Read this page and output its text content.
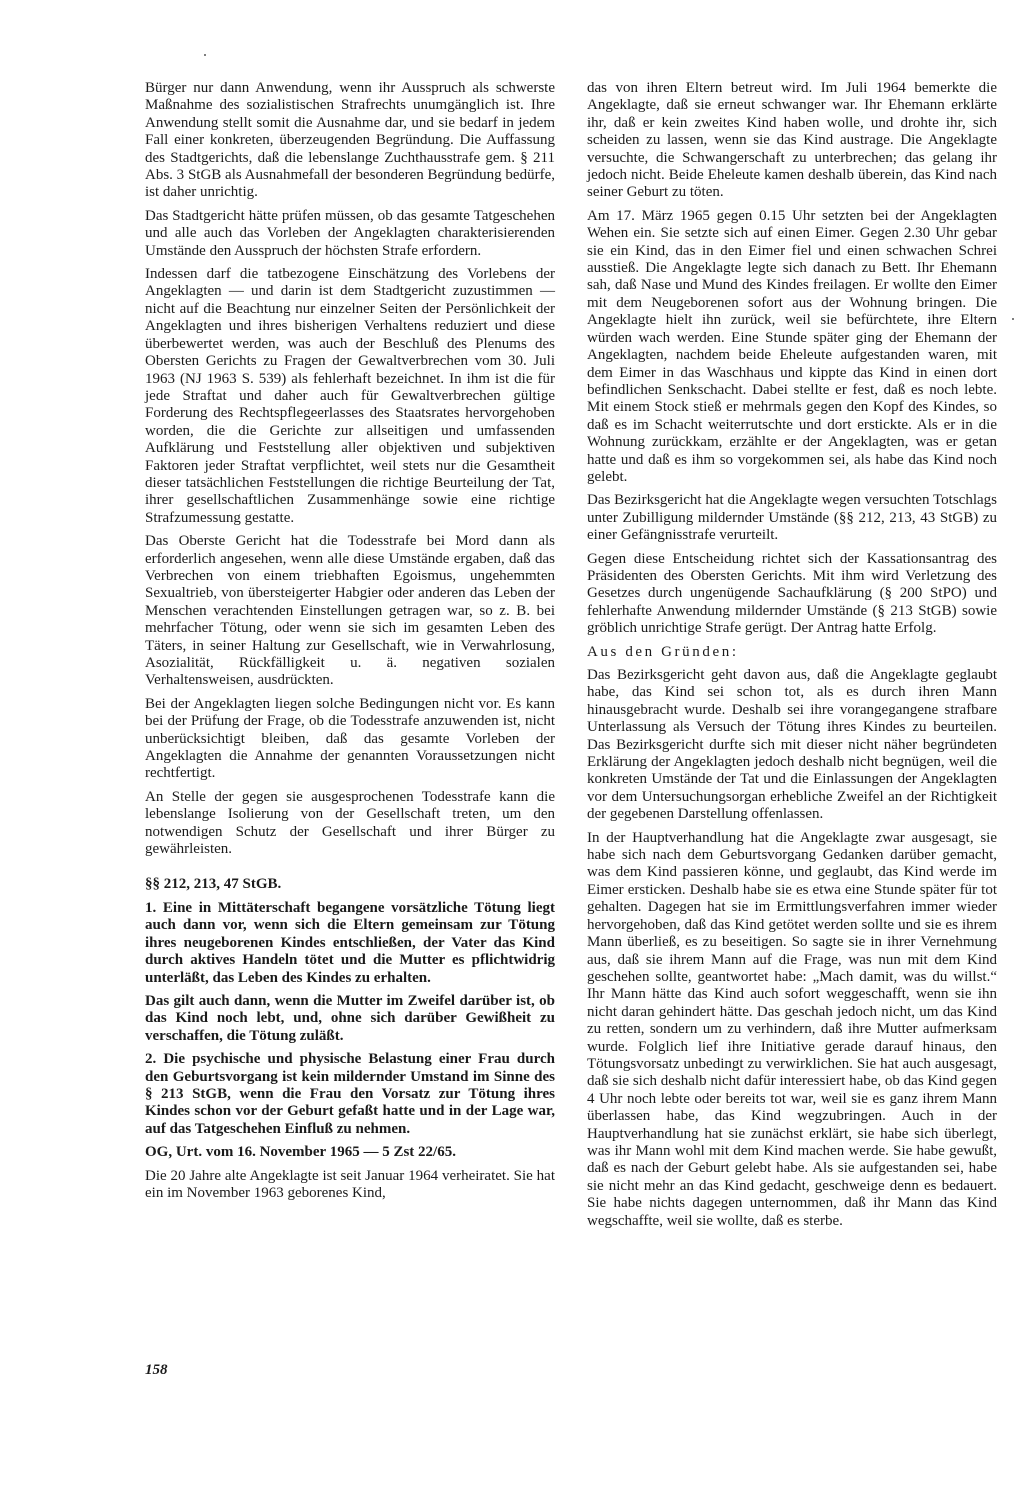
Bürger nur dann Anwendung, wenn ihr Ausspruch als schwerste Maßnahme des sozialistischen Strafrechts unumgänglich ist. Ihre Anwendung stellt somit die Ausnahme dar, und sie bedarf in jedem Fall einer konkreten, überzeugenden Begründung. Die Auffassung des Stadtgerichts, daß die lebenslange Zuchthausstrafe gem. § 211 Abs. 3 StGB als Ausnahmefall der besonderen Begründung bedürfe, ist daher unrichtig.

Das Stadtgericht hätte prüfen müssen, ob das gesamte Tatgeschehen und alle auch das Vorleben der Angeklagten charakterisierenden Umstände den Ausspruch der höchsten Strafe erfordern.

Indessen darf die tatbezogene Einschätzung des Vorlebens der Angeklagten — und darin ist dem Stadtgericht zuzustimmen — nicht auf die Beachtung nur einzelner Seiten der Persönlichkeit der Angeklagten und ihres bisherigen Verhaltens reduziert und diese überbewertet werden, was auch der Beschluß des Plenums des Obersten Gerichts zu Fragen der Gewaltverbrechen vom 30. Juli 1963 (NJ 1963 S. 539) als fehlerhaft bezeichnet. In ihm ist die für jede Straftat und daher auch für Gewaltverbrechen gültige Forderung des Rechtspflegeerlasses des Staatsrates hervorgehoben worden, die die Gerichte zur allseitigen und umfassenden Aufklärung und Feststellung aller objektiven und subjektiven Faktoren jeder Straftat verpflichtet, weil stets nur die Gesamtheit dieser tatsächlichen Feststellungen die richtige Beurteilung der Tat, ihrer gesellschaftlichen Zusammenhänge sowie eine richtige Strafzumessung gestatte.

Das Oberste Gericht hat die Todesstrafe bei Mord dann als erforderlich angesehen, wenn alle diese Umstände ergaben, daß das Verbrechen von einem triebhaften Egoismus, ungehemmten Sexualtrieb, von übersteigerter Habgier oder anderen das Leben der Menschen verachtenden Einstellungen getragen war, so z. B. bei mehrfacher Tötung, oder wenn sie sich im gesamten Leben des Täters, in seiner Haltung zur Gesellschaft, wie in Verwahrlosung, Asozialität, Rückfälligkeit u. ä. negativen sozialen Verhaltensweisen, ausdrückten.

Bei der Angeklagten liegen solche Bedingungen nicht vor. Es kann bei der Prüfung der Frage, ob die Todesstrafe anzuwenden ist, nicht unberücksichtigt bleiben, daß das gesamte Vorleben der Angeklagten die Annahme der genannten Voraussetzungen nicht rechtfertigt.

An Stelle der gegen sie ausgesprochenen Todesstrafe kann die lebenslange Isolierung von der Gesellschaft treten, um den notwendigen Schutz der Gesellschaft und ihrer Bürger zu gewährleisten.

§§ 212, 213, 47 StGB.

1. Eine in Mittäterschaft begangene vorsätzliche Tötung liegt auch dann vor, wenn sich die Eltern gemeinsam zur Tötung ihres neugeborenen Kindes entschließen, der Vater das Kind durch aktives Handeln tötet und die Mutter es pflichtwidrig unterläßt, das Leben des Kindes zu erhalten.

Das gilt auch dann, wenn die Mutter im Zweifel darüber ist, ob das Kind noch lebt, und, ohne sich darüber Gewißheit zu verschaffen, die Tötung zuläßt.

2. Die psychische und physische Belastung einer Frau durch den Geburtsvorgang ist kein mildernder Umstand im Sinne des § 213 StGB, wenn die Frau den Vorsatz zur Tötung ihres Kindes schon vor der Geburt gefaßt hatte und in der Lage war, auf das Tatgeschehen Einfluß zu nehmen.

OG, Urt. vom 16. November 1965 — 5 Zst 22/65.

Die 20 Jahre alte Angeklagte ist seit Januar 1964 verheiratet. Sie hat ein im November 1963 geborenes Kind,

das von ihren Eltern betreut wird. Im Juli 1964 bemerkte die Angeklagte, daß sie erneut schwanger war. Ihr Ehemann erklärte ihr, daß er kein zweites Kind haben wolle, und drohte ihr, sich scheiden zu lassen, wenn sie das Kind austrage. Die Angeklagte versuchte, die Schwangerschaft zu unterbrechen; das gelang ihr jedoch nicht. Beide Eheleute kamen deshalb überein, das Kind nach seiner Geburt zu töten.

Am 17. März 1965 gegen 0.15 Uhr setzten bei der Angeklagten Wehen ein. Sie setzte sich auf einen Eimer. Gegen 2.30 Uhr gebar sie ein Kind, das in den Eimer fiel und einen schwachen Schrei ausstieß. Die Angeklagte legte sich danach zu Bett. Ihr Ehemann sah, daß Nase und Mund des Kindes freilagen. Er wollte den Eimer mit dem Neugeborenen sofort aus der Wohnung bringen. Die Angeklagte hielt ihn zurück, weil sie befürchtete, ihre Eltern würden wach werden. Eine Stunde später ging der Ehemann der Angeklagten, nachdem beide Eheleute aufgestanden waren, mit dem Eimer in das Waschhaus und kippte das Kind in einen dort befindlichen Senkschacht. Dabei stellte er fest, daß es noch lebte. Mit einem Stock stieß er mehrmals gegen den Kopf des Kindes, so daß es im Schacht weiterrutschte und dort erstickte. Als er in die Wohnung zurückkam, erzählte er der Angeklagten, was er getan hatte und daß es ihm so vorgekommen sei, als habe das Kind noch gelebt.

Das Bezirksgericht hat die Angeklagte wegen versuchten Totschlags unter Zubilligung mildernder Umstände (§§ 212, 213, 43 StGB) zu einer Gefängnisstrafe verurteilt.

Gegen diese Entscheidung richtet sich der Kassationsantrag des Präsidenten des Obersten Gerichts. Mit ihm wird Verletzung des Gesetzes durch ungenügende Sachaufklärung (§ 200 StPO) und fehlerhafte Anwendung mildernder Umstände (§ 213 StGB) sowie gröblich unrichtige Strafe gerügt. Der Antrag hatte Erfolg.

Aus den Gründen:

Das Bezirksgericht geht davon aus, daß die Angeklagte geglaubt habe, das Kind sei schon tot, als es durch ihren Mann hinausgebracht wurde. Deshalb sei ihre vorangegangene strafbare Unterlassung als Versuch der Tötung ihres Kindes zu beurteilen. Das Bezirksgericht durfte sich mit dieser nicht näher begründeten Erklärung der Angeklagten jedoch deshalb nicht begnügen, weil die konkreten Umstände der Tat und die Einlassungen der Angeklagten vor dem Untersuchungsorgan erhebliche Zweifel an der Richtigkeit der gegebenen Darstellung offenlassen.

In der Hauptverhandlung hat die Angeklagte zwar ausgesagt, sie habe sich nach dem Geburtsvorgang Gedanken darüber gemacht, was dem Kind passieren könne, und geglaubt, das Kind werde im Eimer ersticken. Deshalb habe sie es etwa eine Stunde später für tot gehalten. Dagegen hat sie im Ermittlungsverfahren immer wieder hervorgehoben, daß das Kind getötet werden sollte und sie es ihrem Mann überließ, es zu beseitigen. So sagte sie in ihrer Vernehmung aus, daß sie ihrem Mann auf die Frage, was nun mit dem Kind geschehen sollte, geantwortet habe: „Mach damit, was du willst.“ Ihr Mann hätte das Kind auch sofort weggeschafft, wenn sie ihn nicht daran gehindert hätte. Das geschah jedoch nicht, um das Kind zu retten, sondern um zu verhindern, daß ihre Mutter aufmerksam wurde. Folglich lief ihre Initiative gerade darauf hinaus, den Tötungsvorsatz unbedingt zu verwirklichen. Sie hat auch ausgesagt, daß sie sich deshalb nicht dafür interessiert habe, ob das Kind gegen 4 Uhr noch lebte oder bereits tot war, weil sie es ganz ihrem Mann überlassen habe, das Kind wegzubringen. Auch in der Hauptverhandlung hat sie zunächst erklärt, sie habe sich überlegt, was ihr Mann wohl mit dem Kind machen werde. Sie habe gewußt, daß es nach der Geburt gelebt habe. Als sie aufgestanden sei, habe sie nicht mehr an das Kind gedacht, geschweige denn es bedauert. Sie habe nichts dagegen unternommen, daß ihr Mann das Kind wegschaffte, weil sie wollte, daß es sterbe.

158
